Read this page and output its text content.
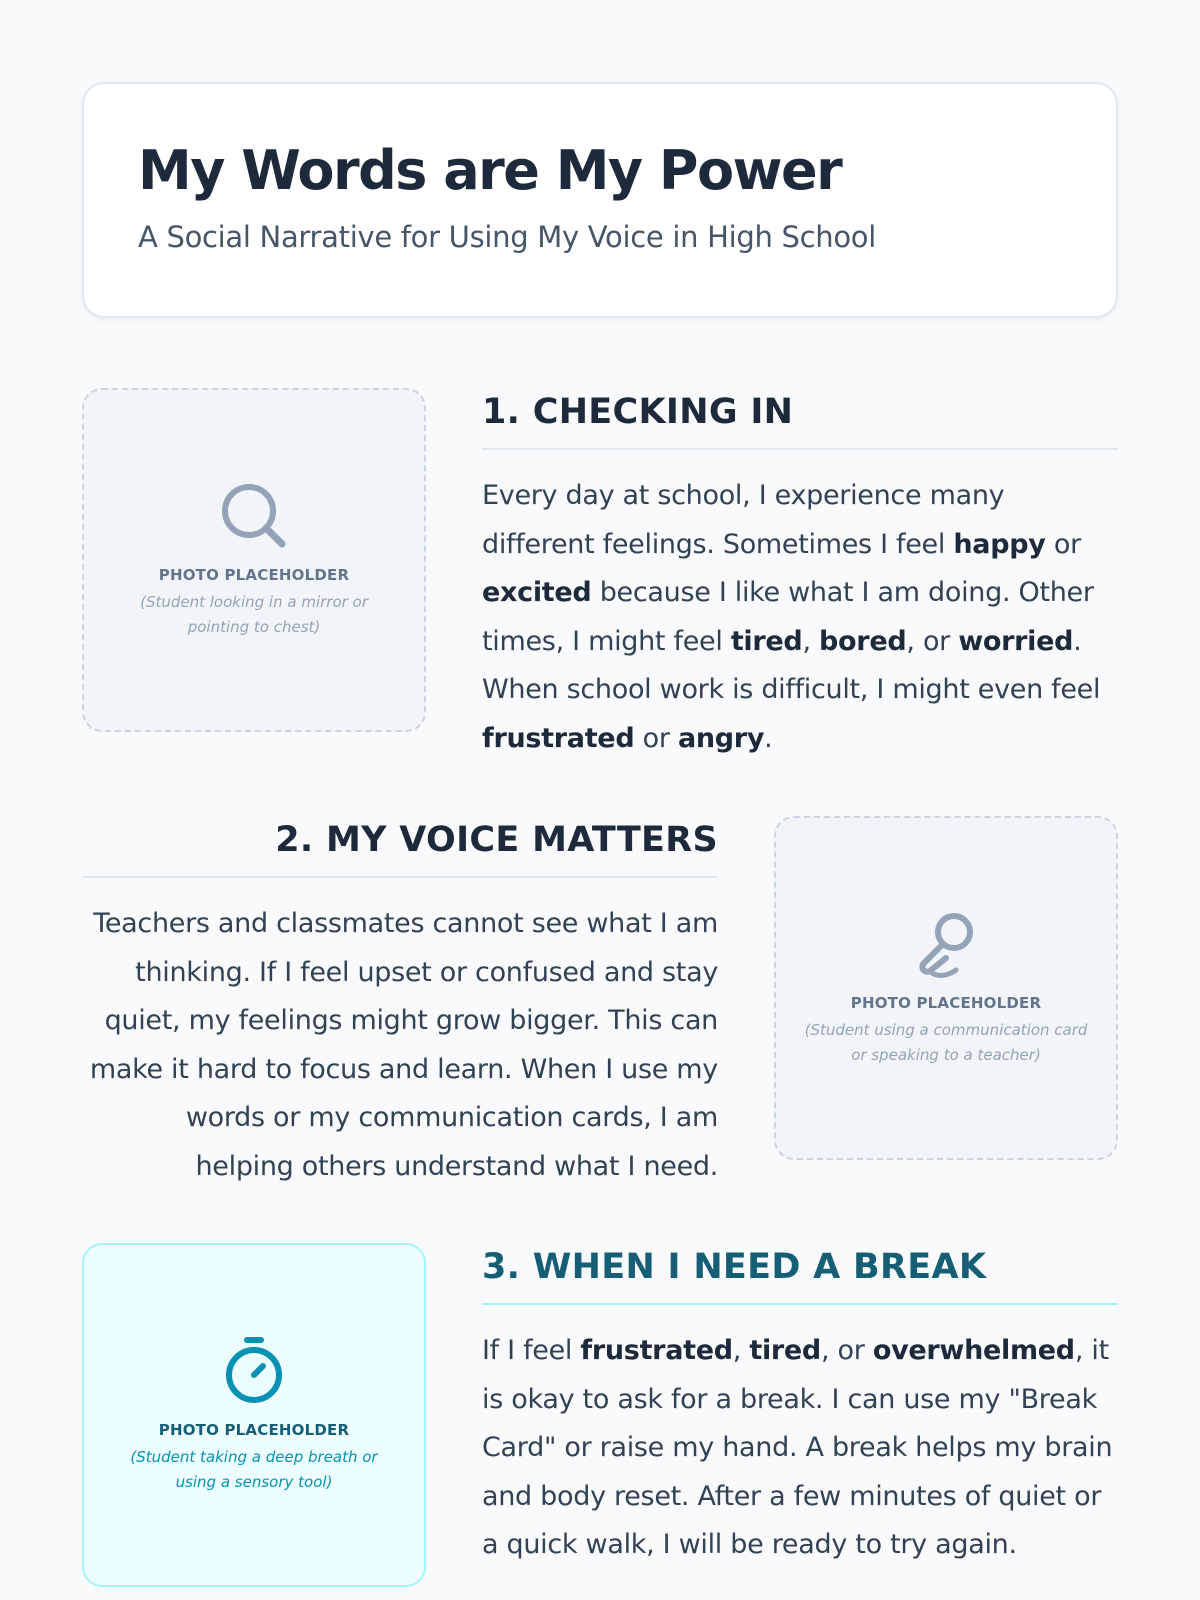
My Words are My Power
A Social Narrative for Using My Voice in High School
PHOTO PLACEHOLDER
(Student looking in a mirror or pointing to chest)
1. CHECKING IN

Every day at school, I experience many different feelings. Sometimes I feel happy or excited because I like what I am doing. Other times, I might feel tired, bored, or worried. When school work is difficult, I might even feel frustrated or angry.

2. MY VOICE MATTERS

Teachers and classmates cannot see what I am thinking. If I feel upset or confused and stay quiet, my feelings might grow bigger. This can make it hard to focus and learn. When I use my words or my communication cards, I am helping others understand what I need.

PHOTO PLACEHOLDER
(Student using a communication card or speaking to a teacher)
PHOTO PLACEHOLDER
(Student taking a deep breath or using a sensory tool)
3. WHEN I NEED A BREAK

If I feel frustrated, tired, or overwhelmed, it is okay to ask for a break. I can use my "Break Card" or raise my hand. A break helps my brain and body reset. After a few minutes of quiet or a quick walk, I will be ready to try again.
